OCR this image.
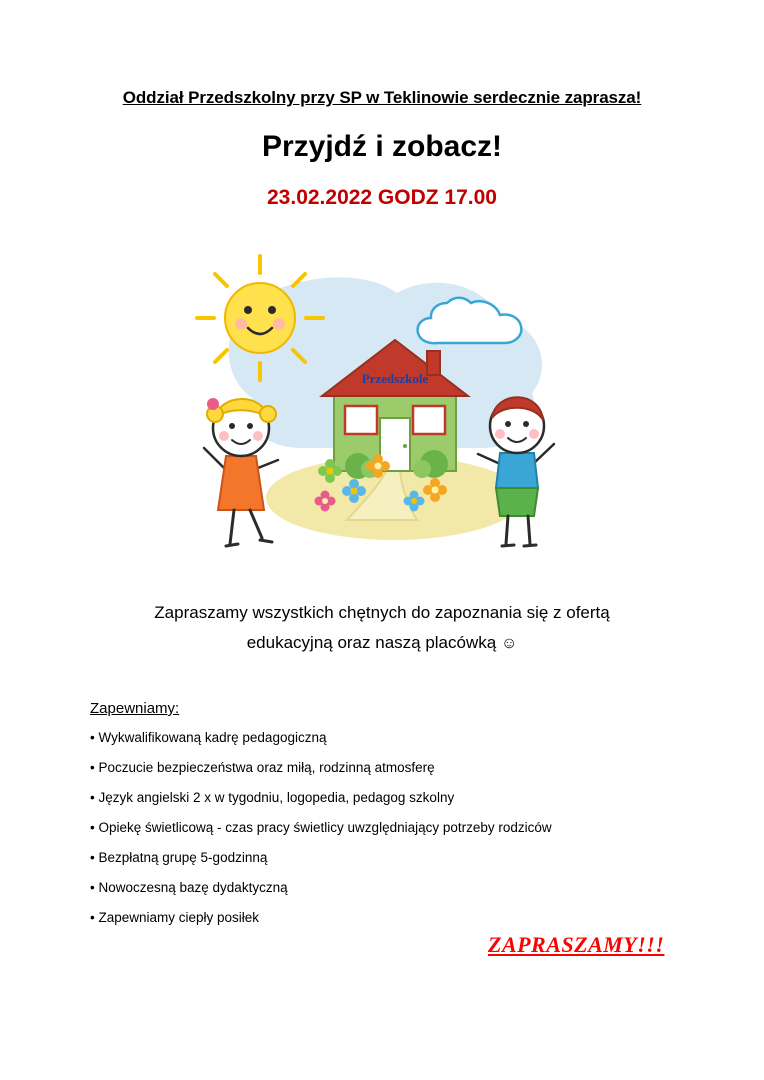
Oddział Przedszkolny przy SP w Teklinowie serdecznie zaprasza!
Przyjdź i zobacz!
23.02.2022 GODZ 17.00
Przedszkole
Zapraszamy wszystkich chętnych do zapoznania się z ofertą
edukacyjną oraz naszą placówką ☺
Zapewniamy:
• Wykwalifikowaną kadrę pedagogiczną
• Poczucie bezpieczeństwa oraz miłą, rodzinną atmosferę
• Język angielski 2 x w tygodniu, logopedia, pedagog szkolny
• Opiekę świetlicową - czas pracy świetlicy uwzględniający potrzeby rodziców
• Bezpłatną grupę 5-godzinną
• Nowoczesną bazę dydaktyczną
• Zapewniamy ciepły posiłek
ZAPRASZAMY!!!
